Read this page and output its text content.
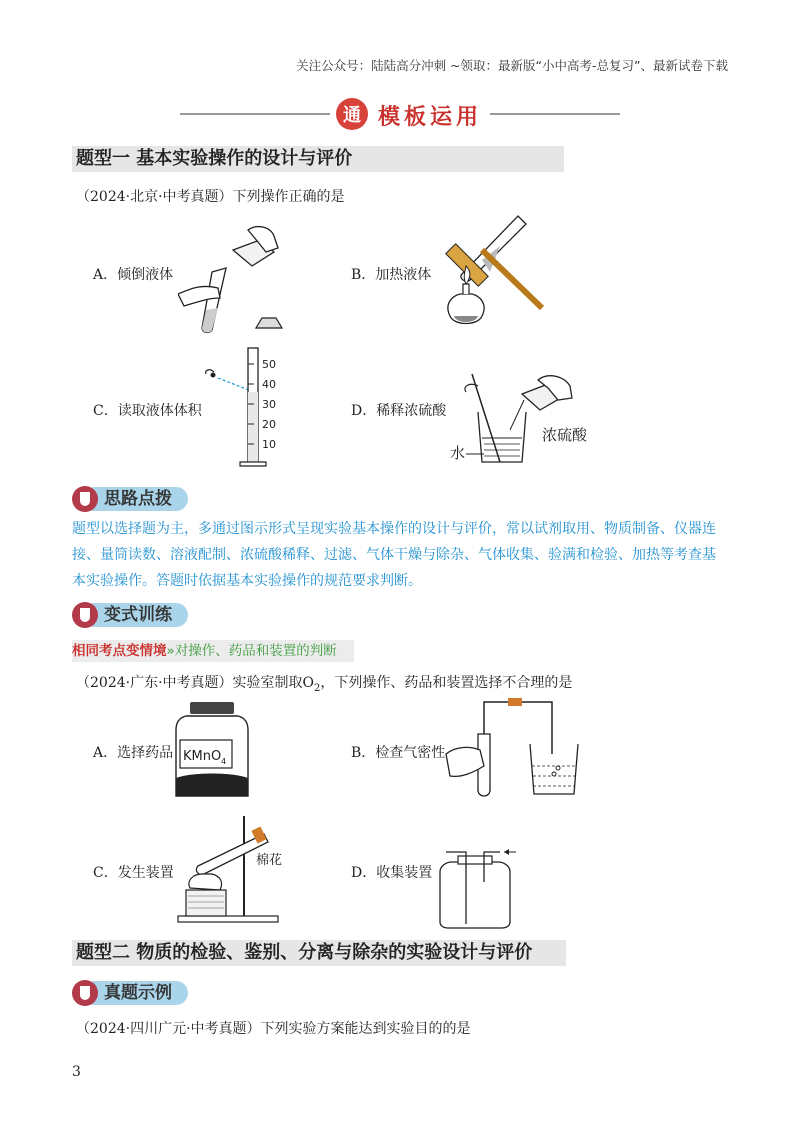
关注公众号：陆陆高分冲刺 ~领取：最新版“小中高考-总复习”、最新试卷下载
通 模板运用
题型一 基本实验操作的设计与评价
（2024·北京·中考真题）下列操作正确的是
A．倾倒液体	B．加热液体
C．读取液体体积
50
40
30
20
10
D．稀释浓硫酸
浓硫酸
水
思路点拨
题型以选择题为主，多通过图示形式呈现实验基本操作的设计与评价，常以试剂取用、物质制备、仪器连接、量筒读数、溶液配制、浓硫酸稀释、过滤、气体干燥与除杂、气体收集、验满和检验、加热等考查基本实验操作。答题时依据基本实验操作的规范要求判断。
变式训练
相同考点变情境»对操作、药品和装置的判断
（2024·广东·中考真题）实验室制取$O_2$，下列操作、药品和装置选择不合理的是
A．选择药品 KMnO 4
B．检查气密性
C．发生装置
棉花
D．收集装置
题型二 物质的检验、鉴别、分离与除杂的实验设计与评价
真题示例
（2024·四川广元·中考真题）下列实验方案能达到实验目的的是
3
